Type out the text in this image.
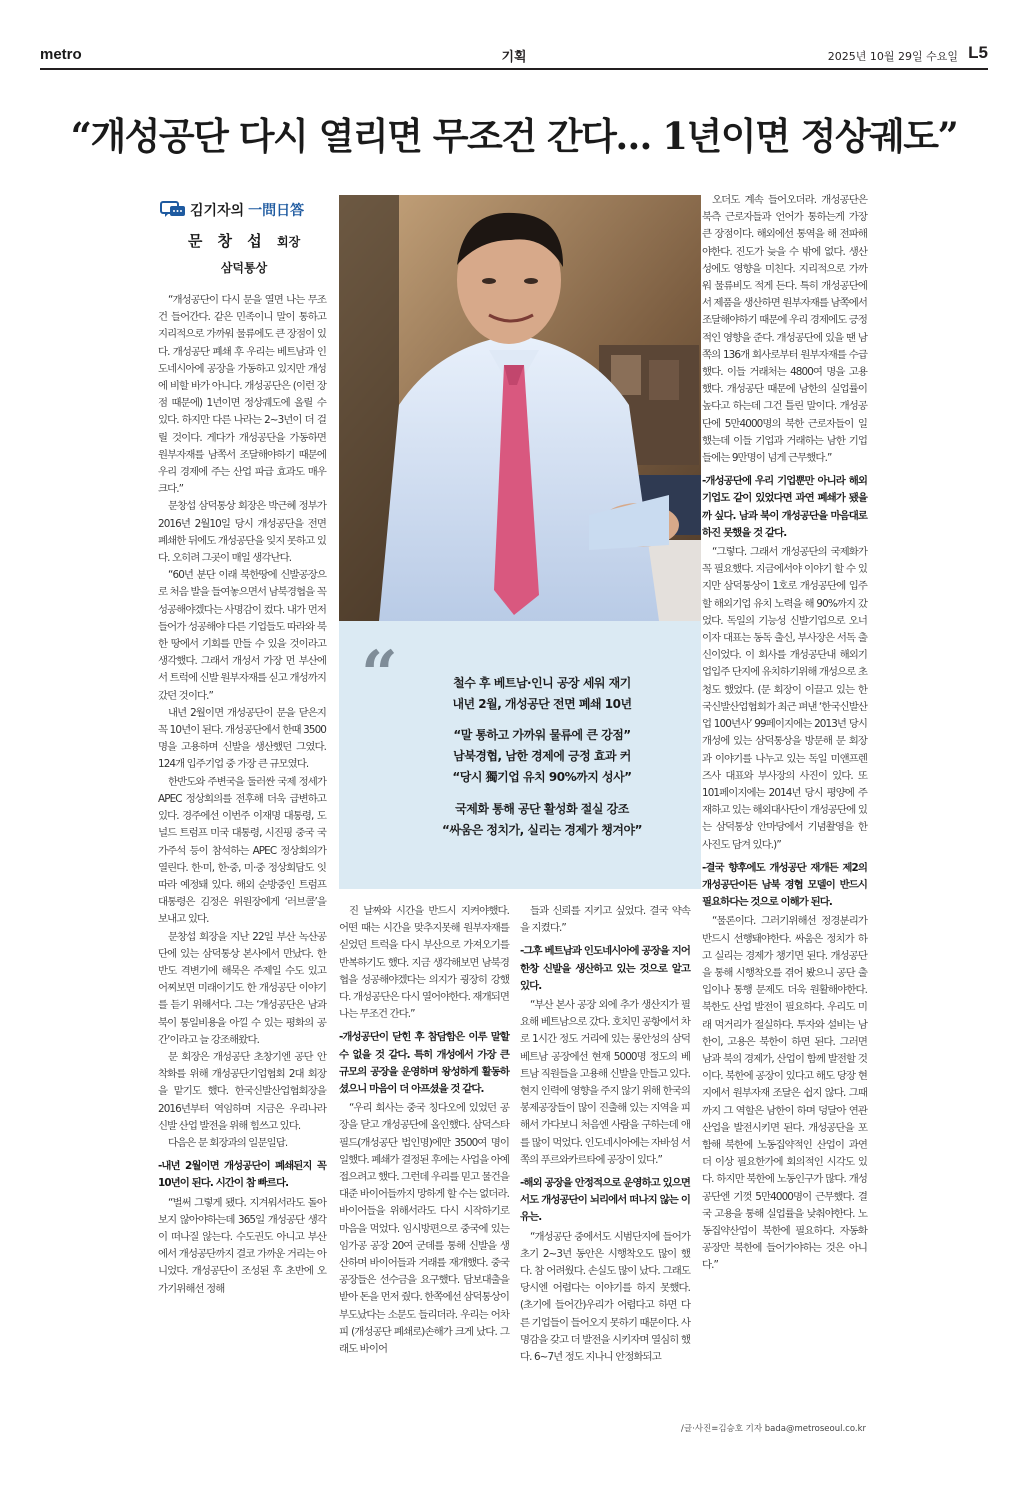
metro	기획	2025년 10월 29일 수요일 L5
“개성공단 다시 열리면 무조건 간다… 1년이면 정상궤도”
김기자의 一問日答
문 창 섭 회장
삼덕통상
“	철수 후 베트남·인니 공장 세워 재기
내년 2월, 개성공단 전면 폐쇄 10년
“말 통하고 가까워 물류에 큰 강점”
남북경협, 남한 경제에 긍정 효과 커
“당시 獨기업 유치 90%까지 성사”
국제화 통해 공단 활성화 절실 강조
“싸움은 정치가, 실리는 경제가 챙겨야”

“개성공단이 다시 문을 열면 나는 무조건 들어간다. 같은 민족이니 말이 통하고 지리적으로 가까워 물류에도 큰 장점이 있다. 개성공단 폐쇄 후 우리는 베트남과 인도네시아에 공장을 가동하고 있지만 개성에 비할 바가 아니다. 개성공단은 (이런 장점 때문에) 1년이면 정상궤도에 올릴 수 있다. 하지만 다른 나라는 2~3년이 더 걸릴 것이다. 게다가 개성공단을 가동하면 원부자재를 남쪽서 조달해야하기 때문에 우리 경제에 주는 산업 파급 효과도 매우 크다.”

문창섭 삼덕통상 회장은 박근혜 정부가 2016년 2월10일 당시 개성공단을 전면 폐쇄한 뒤에도 개성공단을 잊지 못하고 있다. 오히려 그곳이 매일 생각난다.

“60년 분단 이래 북한땅에 신발공장으로 처음 발을 들여놓으면서 남북경협을 꼭 성공해야겠다는 사명감이 컸다. 내가 먼저 들어가 성공해야 다른 기업들도 따라와 북한 땅에서 기회를 만들 수 있을 것이라고 생각했다. 그래서 개성서 가장 먼 부산에서 트럭에 신발 원부자재를 싣고 개성까지 갔던 것이다.”

내년 2월이면 개성공단이 문을 닫은지 꼭 10년이 된다. 개성공단에서 한때 3500명을 고용하며 신발을 생산했던 그였다. 124개 입주기업 중 가장 큰 규모였다.

한반도와 주변국을 둘러싼 국제 정세가 APEC 정상회의를 전후해 더욱 급변하고 있다. 경주에선 이번주 이재명 대통령, 도널드 트럼프 미국 대통령, 시진핑 중국 국가주석 등이 참석하는 APEC 정상회의가 열린다. 한·미, 한·중, 미·중 정상회담도 잇따라 예정돼 있다. 해외 순방중인 트럼프 대통령은 김정은 위원장에게 ‘러브콜’을 보내고 있다.

문창섭 회장을 지난 22일 부산 녹산공단에 있는 삼덕통상 본사에서 만났다. 한반도 격변기에 해묵은 주제일 수도 있고 어찌보면 미래이기도 한 개성공단 이야기를 듣기 위해서다. 그는 ‘개성공단은 남과 북이 통일비용을 아낄 수 있는 평화의 공간’이라고 늘 강조해왔다.

문 회장은 개성공단 초창기엔 공단 안착화를 위해 개성공단기업협회 2대 회장을 맡기도 했다. 한국신발산업협회장을 2016년부터 역임하며 지금은 우리나라 신발 산업 발전을 위해 힘쓰고 있다.

다음은 문 회장과의 일문일답.

-내년 2월이면 개성공단이 폐쇄된지 꼭 10년이 된다. 시간이 참 빠르다.

“벌써 그렇게 됐다. 지겨워서라도 돌아보지 않아야하는데 365일 개성공단 생각이 떠나질 않는다. 수도권도 아니고 부산에서 개성공단까지 결코 가까운 거리는 아니었다. 개성공단이 조성된 후 초반에 오가기위해선 정해

진 날짜와 시간을 반드시 지켜야했다. 어떤 때는 시간을 맞추지못해 원부자재를 싣었던 트럭을 다시 부산으로 가져오기를 반복하기도 했다. 지금 생각해보면 남북경협을 성공해야겠다는 의지가 굉장히 강했다. 개성공단은 다시 열어야한다. 재개되면 나는 무조건 간다.”

-개성공단이 닫힌 후 참담함은 이루 말할 수 없을 것 같다. 특히 개성에서 가장 큰 규모의 공장을 운영하며 왕성하게 활동하셨으니 마음이 더 아프셨을 것 같다.

“우리 회사는 중국 칭다오에 있었던 공장을 닫고 개성공단에 올인했다. 삼덕스타필드(개성공단 법인명)에만 3500여 명이 일했다. 폐쇄가 결정된 후에는 사업을 아예 접으려고 했다. 그런데 우리를 믿고 물건을 대준 바이어들까지 망하게 할 수는 없더라. 바이어들을 위해서라도 다시 시작하기로 마음을 먹었다. 임시방편으로 중국에 있는 임가공 공장 20여 군데를 통해 신발을 생산하며 바이어들과 거래를 재개했다. 중국 공장들은 선수금을 요구했다. 담보대출을 받아 돈을 먼저 줬다. 한쪽에선 삼덕통상이 부도났다는 소문도 들리더라. 우리는 어차피 (개성공단 폐쇄로)손해가 크게 났다. 그래도 바이어

들과 신뢰를 지키고 싶었다. 결국 약속을 지켰다.”

-그후 베트남과 인도네시아에 공장을 지어 한창 신발을 생산하고 있는 것으로 알고 있다.

“부산 본사 공장 외에 추가 생산지가 필요해 베트남으로 갔다. 호치민 공항에서 차로 1시간 정도 거리에 있는 롱안성의 삼덕베트남 공장에선 현재 5000명 정도의 베트남 직원들을 고용해 신발을 만들고 있다. 현지 인력에 영향을 주지 않기 위해 한국의 봉제공장들이 많이 진출해 있는 지역을 피해서 가다보니 처음엔 사람을 구하는데 애를 많이 먹었다. 인도네시아에는 자바섬 서쪽의 푸르와카르타에 공장이 있다.”

-해외 공장을 안정적으로 운영하고 있으면서도 개성공단이 뇌리에서 떠나지 않는 이유는.

“개성공단 중에서도 시범단지에 들어가 초기 2~3년 동안은 시행착오도 많이 했다. 참 어려웠다. 손실도 많이 났다. 그래도 당시엔 어렵다는 이야기를 하지 못했다. (초기에 들어간)우리가 어렵다고 하면 다른 기업들이 들어오지 못하기 때문이다. 사명감을 갖고 더 발전을 시키자며 열심히 했다. 6~7년 정도 지나니 안정화되고

오더도 계속 들어오더라. 개성공단은 북측 근로자들과 언어가 통하는게 가장 큰 장점이다. 해외에선 통역을 해 전파해야한다. 진도가 늦을 수 밖에 없다. 생산성에도 영향을 미친다. 지리적으로 가까워 물류비도 적게 든다. 특히 개성공단에서 제품을 생산하면 원부자재를 남쪽에서 조달해야하기 때문에 우리 경제에도 긍정적인 영향을 준다. 개성공단에 있을 땐 남쪽의 136개 회사로부터 원부자재를 수급했다. 이들 거래처는 4800여 명을 고용했다. 개성공단 때문에 남한의 실업률이 높다고 하는데 그건 틀린 말이다. 개성공단에 5만4000명의 북한 근로자들이 일했는데 이들 기업과 거래하는 남한 기업들에는 9만명이 넘게 근무했다.”

-개성공단에 우리 기업뿐만 아니라 해외기업도 같이 있었다면 과연 폐쇄가 됐을까 싶다. 남과 북이 개성공단을 마음대로 하진 못했을 것 같다.

“그렇다. 그래서 개성공단의 국제화가 꼭 필요했다. 지금에서야 이야기 할 수 있지만 삼덕통상이 1호로 개성공단에 입주할 해외기업 유치 노력을 해 90%까지 갔었다. 독일의 기능성 신발기업으로 오너이자 대표는 동독 출신, 부사장은 서독 출신이었다. 이 회사를 개성공단내 해외기업입주 단지에 유치하기위해 개성으로 초청도 했었다. (문 회장이 이끌고 있는 한국신발산업협회가 최근 펴낸 ‘한국신발산업 100년사’ 99페이지에는 2013년 당시 개성에 있는 삼덕통상을 방문해 문 회장과 이야기를 나누고 있는 독일 미앤프렌즈사 대표와 부사장의 사진이 있다. 또 101페이지에는 2014년 당시 평양에 주재하고 있는 해외대사단이 개성공단에 있는 삼덕통상 안마당에서 기념촬영을 한 사진도 담겨 있다.)”

-결국 향후에도 개성공단 재개든 제2의 개성공단이든 남북 경협 모델이 반드시 필요하다는 것으로 이해가 된다.

“물론이다. 그러기위해선 정경분리가 반드시 선행돼야한다. 싸움은 정치가 하고 실리는 경제가 챙기면 된다. 개성공단을 통해 시행착오를 겪어 봤으니 공단 출입이나 통행 문제도 더욱 원활해야한다. 북한도 산업 발전이 필요하다. 우리도 미래 먹거리가 절실하다. 투자와 설비는 남한이, 고용은 북한이 하면 된다. 그러면 남과 북의 경제가, 산업이 함께 발전할 것이다. 북한에 공장이 있다고 해도 당장 현지에서 원부자재 조달은 쉽지 않다. 그때까지 그 역할은 남한이 하며 덩달아 연관산업을 발전시키면 된다. 개성공단을 포함해 북한에 노동집약적인 산업이 과연 더 이상 필요한가에 회의적인 시각도 있다. 하지만 북한에 노동인구가 많다. 개성공단엔 기껏 5만4000명이 근무했다. 결국 고용을 통해 실업률을 낮춰야한다. 노동집약산업이 북한에 필요하다. 자동화 공장만 북한에 들어가야하는 것은 아니다.”

/글·사진=김승호 기자 bada@metroseoul.co.kr
